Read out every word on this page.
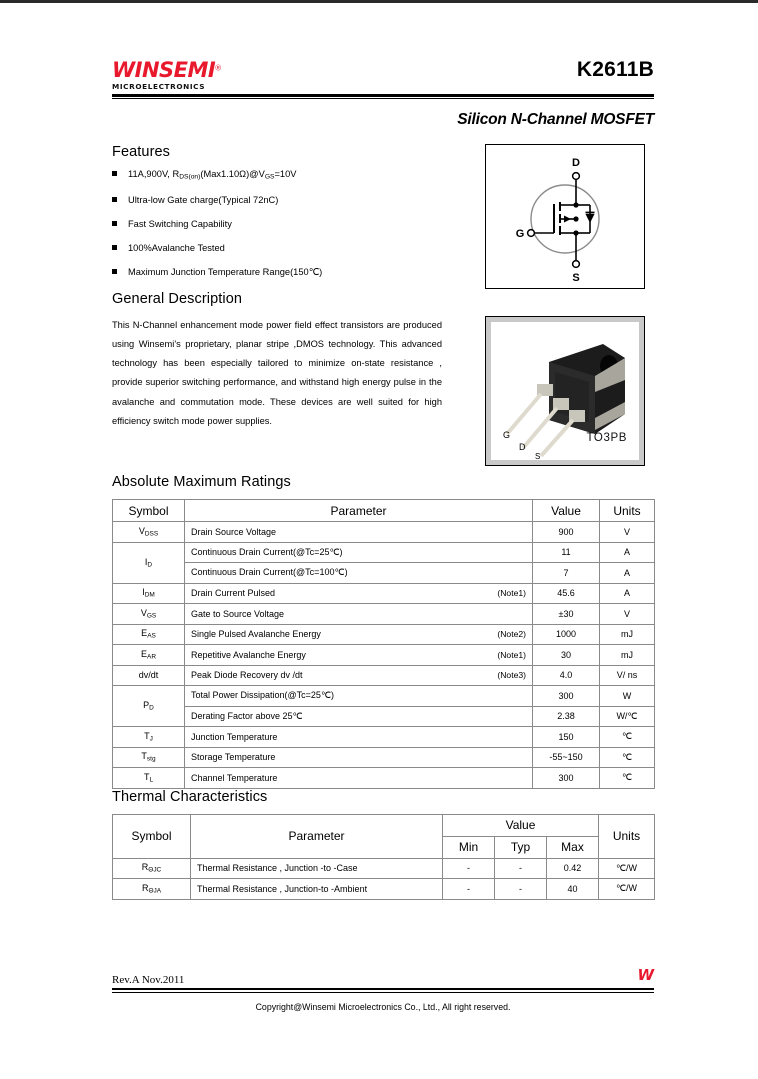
WINSEMI®
MICROELECTRONICS
K2611B
Silicon N-Channel MOSFET
Features
11A,900V, $R_{DS(on)}(Max1.10\Omega)@V_{GS}=10V$
Ultra-low Gate charge(Typical 72nC)
Fast Switching Capability
100%Avalanche Tested
Maximum Junction Temperature Range(150℃)
General Description

This N-Channel enhancement mode power field effect transistors are produced using Winsemi's proprietary, planar stripe ,DMOS technology. This advanced technology has been especially tailored to minimize on-state resistance , provide superior switching performance, and withstand high energy pulse in the avalanche and commutation mode. These devices are well suited for high efficiency switch mode power supplies.

D
G
S
G
D
S
TO3PB
Absolute Maximum Ratings
Symbol	Parameter	Value	Units
$V_{DSS}$	Drain Source Voltage	900	V
$I_D$	Continuous Drain Current(@Tc=25℃)	11	A
	Continuous Drain Current(@Tc=100℃)	7	A
$I_{DM}$	Drain Current Pulsed (Note1)	45.6	A
$V_{GS}$	Gate to Source Voltage	±30	V
$E_{AS}$	Single Pulsed Avalanche Energy (Note2)	1000	mJ
$E_{AR}$	Repetitive Avalanche Energy (Note1)	30	mJ
dv/dt	Peak Diode Recovery dv /dt (Note3)	4.0	V/ ns
$P_D$	Total Power Dissipation(@Tc=25℃)	300	W
	Derating Factor above 25℃	2.38	W/℃
$T_J$	Junction Temperature	150	℃
$T_{stg}$	Storage Temperature	-55~150	℃
$T_L$	Channel Temperature	300	℃
Thermal Characteristics
Symbol	Parameter	Value			Units
		Min	Typ	Max	
$R_{\Theta JC}$	Thermal Resistance , Junction -to -Case	-	-	0.42	℃/W
$R_{\Theta JA}$	Thermal Resistance , Junction-to -Ambient	-	-	40	℃/W
Rev.A Nov.2011	W
Copyright@Winsemi Microelectronics Co., Ltd., All right reserved.
